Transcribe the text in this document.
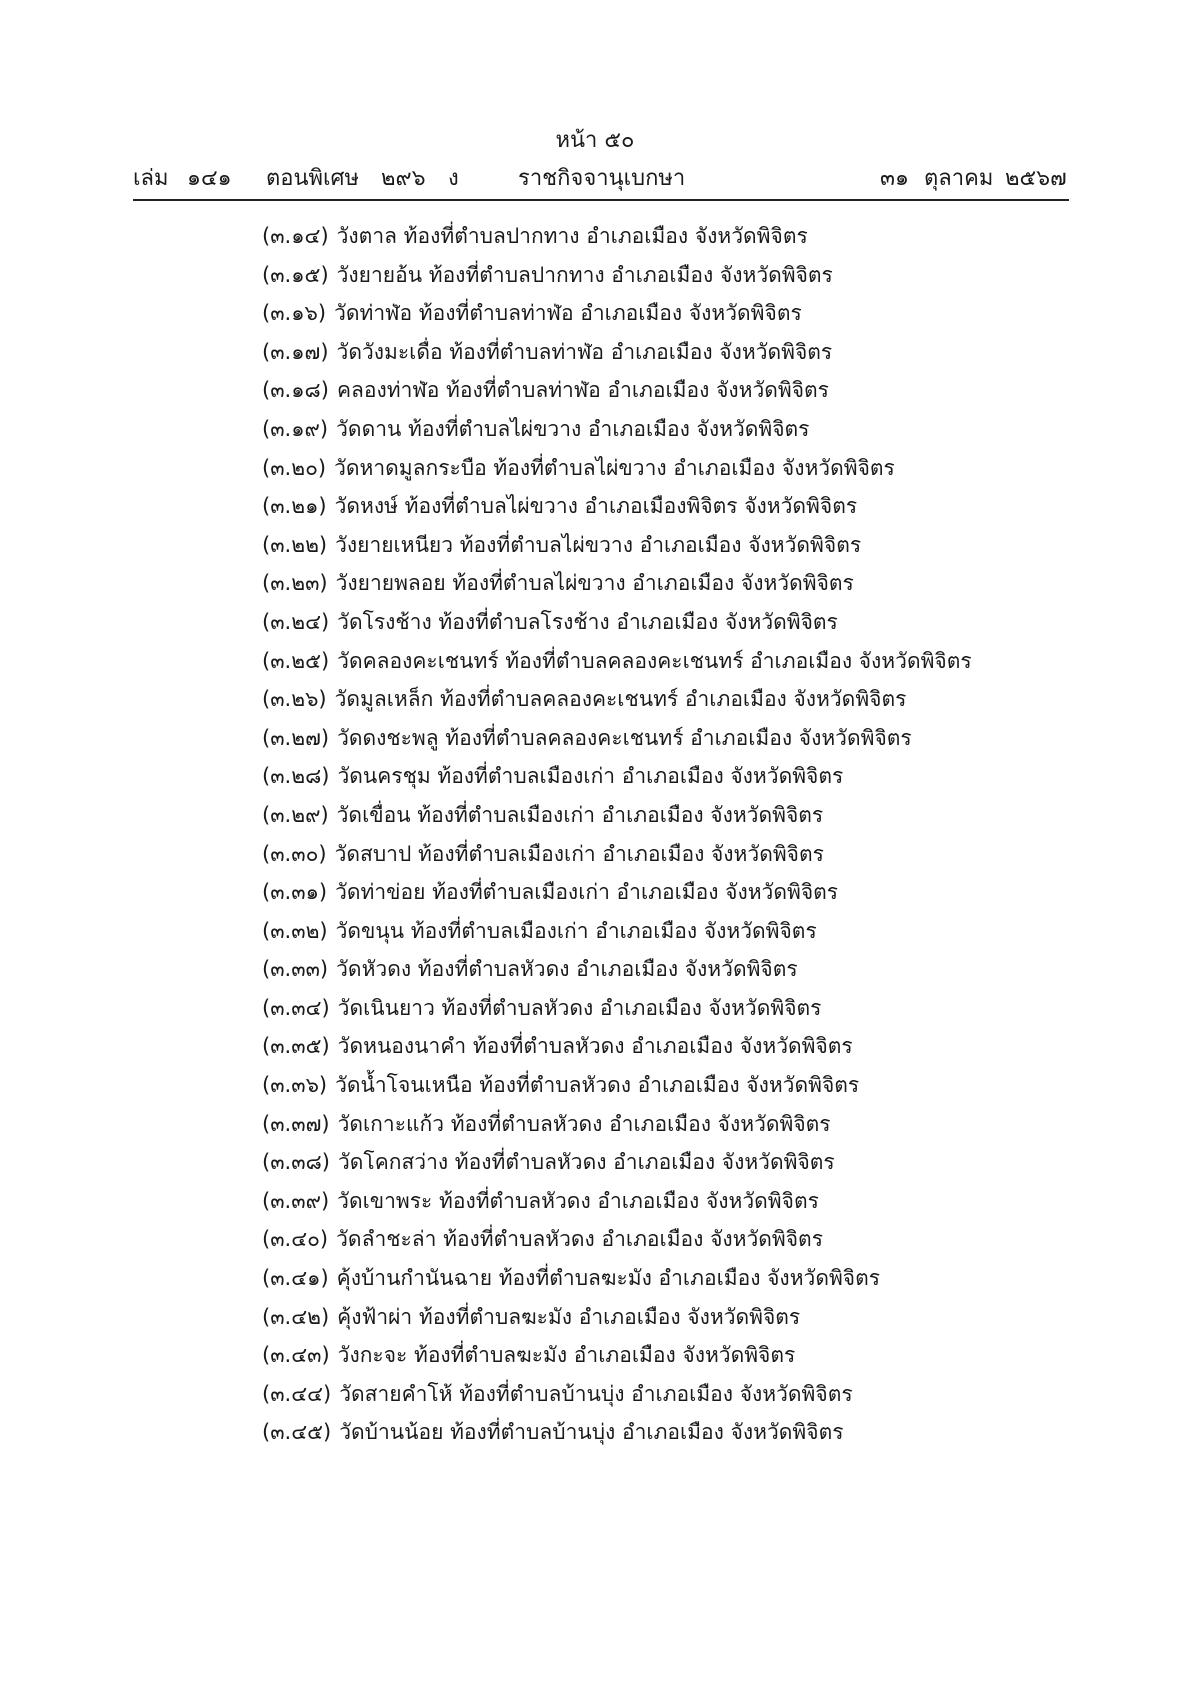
หน้า ๕๐
เล่ม ๑๔๑ ตอนพิเศษ ๒๙๖ ง	ราชกิจจานุเบกษา	๓๑ ตุลาคม ๒๕๖๗
(๓.๑๔) วังตาล ท้องที่ตำบลปากทาง อำเภอเมือง จังหวัดพิจิตร
(๓.๑๕) วังยายอ้น ท้องที่ตำบลปากทาง อำเภอเมือง จังหวัดพิจิตร
(๓.๑๖) วัดท่าฬ่อ ท้องที่ตำบลท่าฬ่อ อำเภอเมือง จังหวัดพิจิตร
(๓.๑๗) วัดวังมะเดื่อ ท้องที่ตำบลท่าฬ่อ อำเภอเมือง จังหวัดพิจิตร
(๓.๑๘) คลองท่าฬ่อ ท้องที่ตำบลท่าฬ่อ อำเภอเมือง จังหวัดพิจิตร
(๓.๑๙) วัดดาน ท้องที่ตำบลไผ่ขวาง อำเภอเมือง จังหวัดพิจิตร
(๓.๒๐) วัดหาดมูลกระบือ ท้องที่ตำบลไผ่ขวาง อำเภอเมือง จังหวัดพิจิตร
(๓.๒๑) วัดหงษ์ ท้องที่ตำบลไผ่ขวาง อำเภอเมืองพิจิตร จังหวัดพิจิตร
(๓.๒๒) วังยายเหนียว ท้องที่ตำบลไผ่ขวาง อำเภอเมือง จังหวัดพิจิตร
(๓.๒๓) วังยายพลอย ท้องที่ตำบลไผ่ขวาง อำเภอเมือง จังหวัดพิจิตร
(๓.๒๔) วัดโรงช้าง ท้องที่ตำบลโรงช้าง อำเภอเมือง จังหวัดพิจิตร
(๓.๒๕) วัดคลองคะเชนทร์ ท้องที่ตำบลคลองคะเชนทร์ อำเภอเมือง จังหวัดพิจิตร
(๓.๒๖) วัดมูลเหล็ก ท้องที่ตำบลคลองคะเชนทร์ อำเภอเมือง จังหวัดพิจิตร
(๓.๒๗) วัดดงชะพลู ท้องที่ตำบลคลองคะเชนทร์ อำเภอเมือง จังหวัดพิจิตร
(๓.๒๘) วัดนครชุม ท้องที่ตำบลเมืองเก่า อำเภอเมือง จังหวัดพิจิตร
(๓.๒๙) วัดเขื่อน ท้องที่ตำบลเมืองเก่า อำเภอเมือง จังหวัดพิจิตร
(๓.๓๐) วัดสบาป ท้องที่ตำบลเมืองเก่า อำเภอเมือง จังหวัดพิจิตร
(๓.๓๑) วัดท่าข่อย ท้องที่ตำบลเมืองเก่า อำเภอเมือง จังหวัดพิจิตร
(๓.๓๒) วัดขนุน ท้องที่ตำบลเมืองเก่า อำเภอเมือง จังหวัดพิจิตร
(๓.๓๓) วัดหัวดง ท้องที่ตำบลหัวดง อำเภอเมือง จังหวัดพิจิตร
(๓.๓๔) วัดเนินยาว ท้องที่ตำบลหัวดง อำเภอเมือง จังหวัดพิจิตร
(๓.๓๕) วัดหนองนาคำ ท้องที่ตำบลหัวดง อำเภอเมือง จังหวัดพิจิตร
(๓.๓๖) วัดน้ำโจนเหนือ ท้องที่ตำบลหัวดง อำเภอเมือง จังหวัดพิจิตร
(๓.๓๗) วัดเกาะแก้ว ท้องที่ตำบลหัวดง อำเภอเมือง จังหวัดพิจิตร
(๓.๓๘) วัดโคกสว่าง ท้องที่ตำบลหัวดง อำเภอเมือง จังหวัดพิจิตร
(๓.๓๙) วัดเขาพระ ท้องที่ตำบลหัวดง อำเภอเมือง จังหวัดพิจิตร
(๓.๔๐) วัดลำชะล่า ท้องที่ตำบลหัวดง อำเภอเมือง จังหวัดพิจิตร
(๓.๔๑) คุ้งบ้านกำนันฉาย ท้องที่ตำบลฆะมัง อำเภอเมือง จังหวัดพิจิตร
(๓.๔๒) คุ้งฟ้าผ่า ท้องที่ตำบลฆะมัง อำเภอเมือง จังหวัดพิจิตร
(๓.๔๓) วังกะจะ ท้องที่ตำบลฆะมัง อำเภอเมือง จังหวัดพิจิตร
(๓.๔๔) วัดสายคำโห้ ท้องที่ตำบลบ้านบุ่ง อำเภอเมือง จังหวัดพิจิตร
(๓.๔๕) วัดบ้านน้อย ท้องที่ตำบลบ้านบุ่ง อำเภอเมือง จังหวัดพิจิตร
